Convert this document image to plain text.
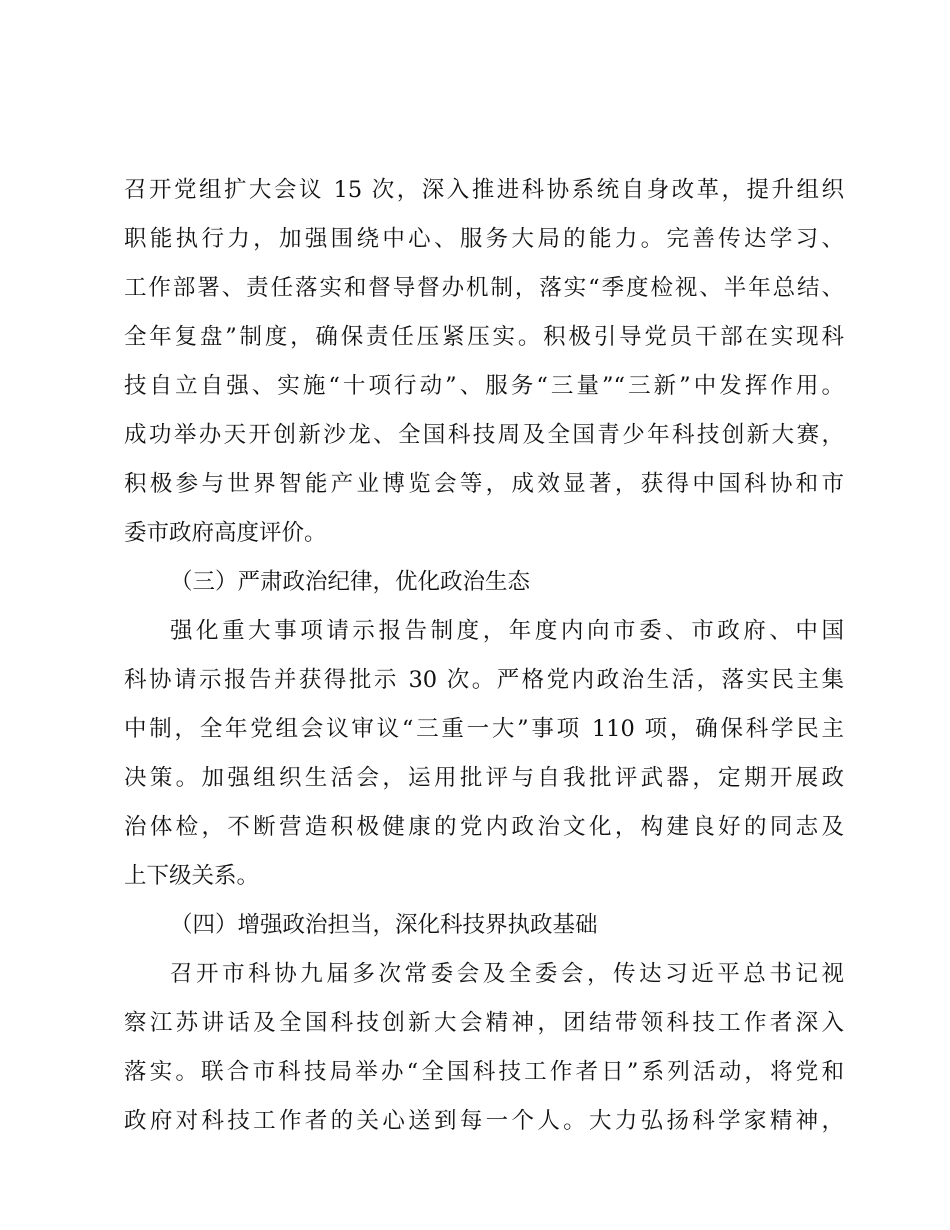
召开党组扩大会议 15 次，深入推进科协系统自身改革，提升组织
职能执行力，加强围绕中心、服务大局的能力。完善传达学习、
工作部署、责任落实和督导督办机制，落实“季度检视、半年总结、
全年复盘”制度，确保责任压紧压实。积极引导党员干部在实现科
技自立自强、实施“十项行动”、服务“三量”“三新”中发挥作用。
成功举办天开创新沙龙、全国科技周及全国青少年科技创新大赛，
积极参与世界智能产业博览会等，成效显著，获得中国科协和市
委市政府高度评价。
（三）严肃政治纪律，优化政治生态
强化重大事项请示报告制度，年度内向市委、市政府、中国
科协请示报告并获得批示 30 次。严格党内政治生活，落实民主集
中制，全年党组会议审议“三重一大”事项 110 项，确保科学民主
决策。加强组织生活会，运用批评与自我批评武器，定期开展政
治体检，不断营造积极健康的党内政治文化，构建良好的同志及
上下级关系。
（四）增强政治担当，深化科技界执政基础
召开市科协九届多次常委会及全委会，传达习近平总书记视
察江苏讲话及全国科技创新大会精神，团结带领科技工作者深入
落实。联合市科技局举办“全国科技工作者日”系列活动，将党和
政府对科技工作者的关心送到每一个人。大力弘扬科学家精神，
